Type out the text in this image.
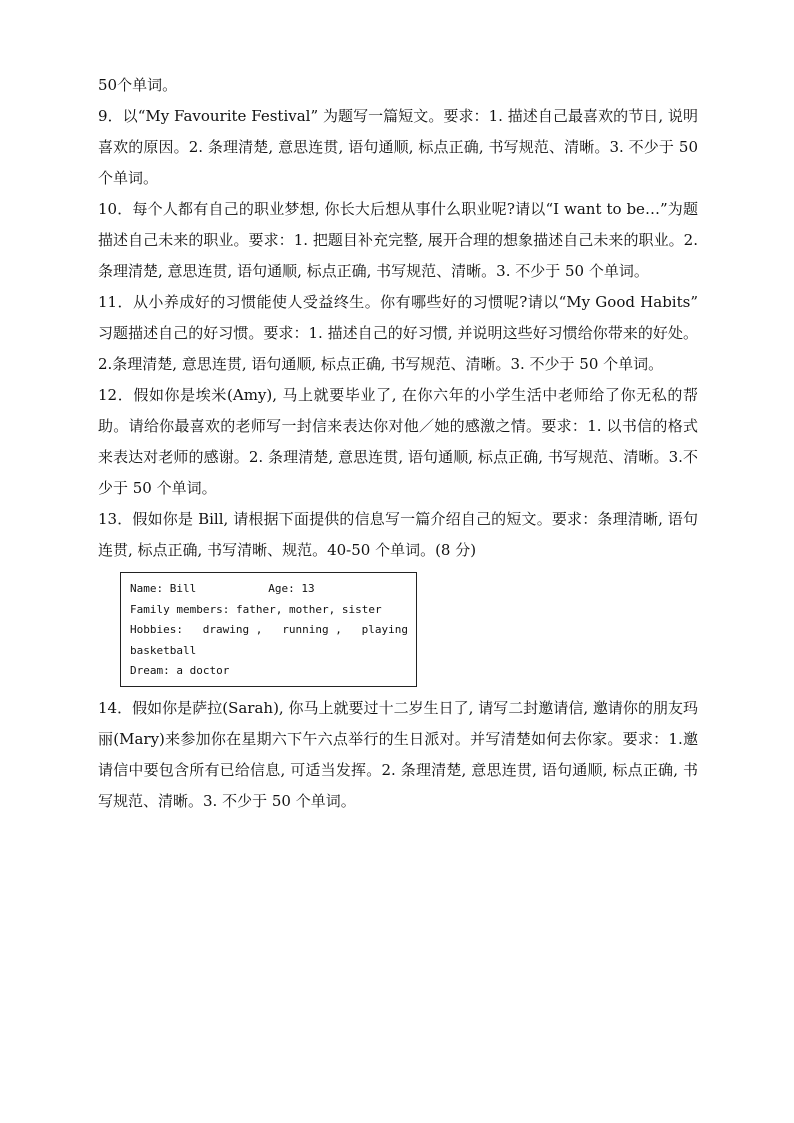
50个单词。

9．以“My Favourite Festival” 为题写一篇短文。要求：1. 描述自己最喜欢的节日, 说明喜欢的原因。2. 条理清楚, 意思连贯, 语句通顺, 标点正确, 书写规范、清晰。3. 不少于 50 个单词。

10．每个人都有自己的职业梦想, 你长大后想从事什么职业呢?请以“I want to be…”为题描述自己未来的职业。要求：1. 把题目补充完整, 展开合理的想象描述自己未来的职业。2.条理清楚, 意思连贯, 语句通顺, 标点正确, 书写规范、清晰。3. 不少于 50 个单词。

11．从小养成好的习惯能使人受益终生。你有哪些好的习惯呢?请以“My Good Habits” 习题描述自己的好习惯。要求：1. 描述自己的好习惯, 并说明这些好习惯给你带来的好处。2.条理清楚, 意思连贯, 语句通顺, 标点正确, 书写规范、清晰。3. 不少于 50 个单词。

12．假如你是埃米(Amy), 马上就要毕业了, 在你六年的小学生活中老师给了你无私的帮助。请给你最喜欢的老师写一封信来表达你对他／她的感激之情。要求：1. 以书信的格式来表达对老师的感谢。2. 条理清楚, 意思连贯, 语句通顺, 标点正确, 书写规范、清晰。3.不少于 50 个单词。

13．假如你是 Bill, 请根据下面提供的信息写一篇介绍自己的短文。要求：条理清晰, 语句连贯, 标点正确, 书写清晰、规范。40-50 个单词。(8 分)

Name: Bill	Age: 13
Family members: father, mother, sister
Hobbies: drawing , running , playing
basketball
Dream: a doctor

14．假如你是萨拉(Sarah), 你马上就要过十二岁生日了, 请写二封邀请信, 邀请你的朋友玛丽(Mary)来参加你在星期六下午六点举行的生日派对。并写清楚如何去你家。要求：1.邀请信中要包含所有已给信息, 可适当发挥。2. 条理清楚, 意思连贯, 语句通顺, 标点正确, 书写规范、清晰。3. 不少于 50 个单词。
